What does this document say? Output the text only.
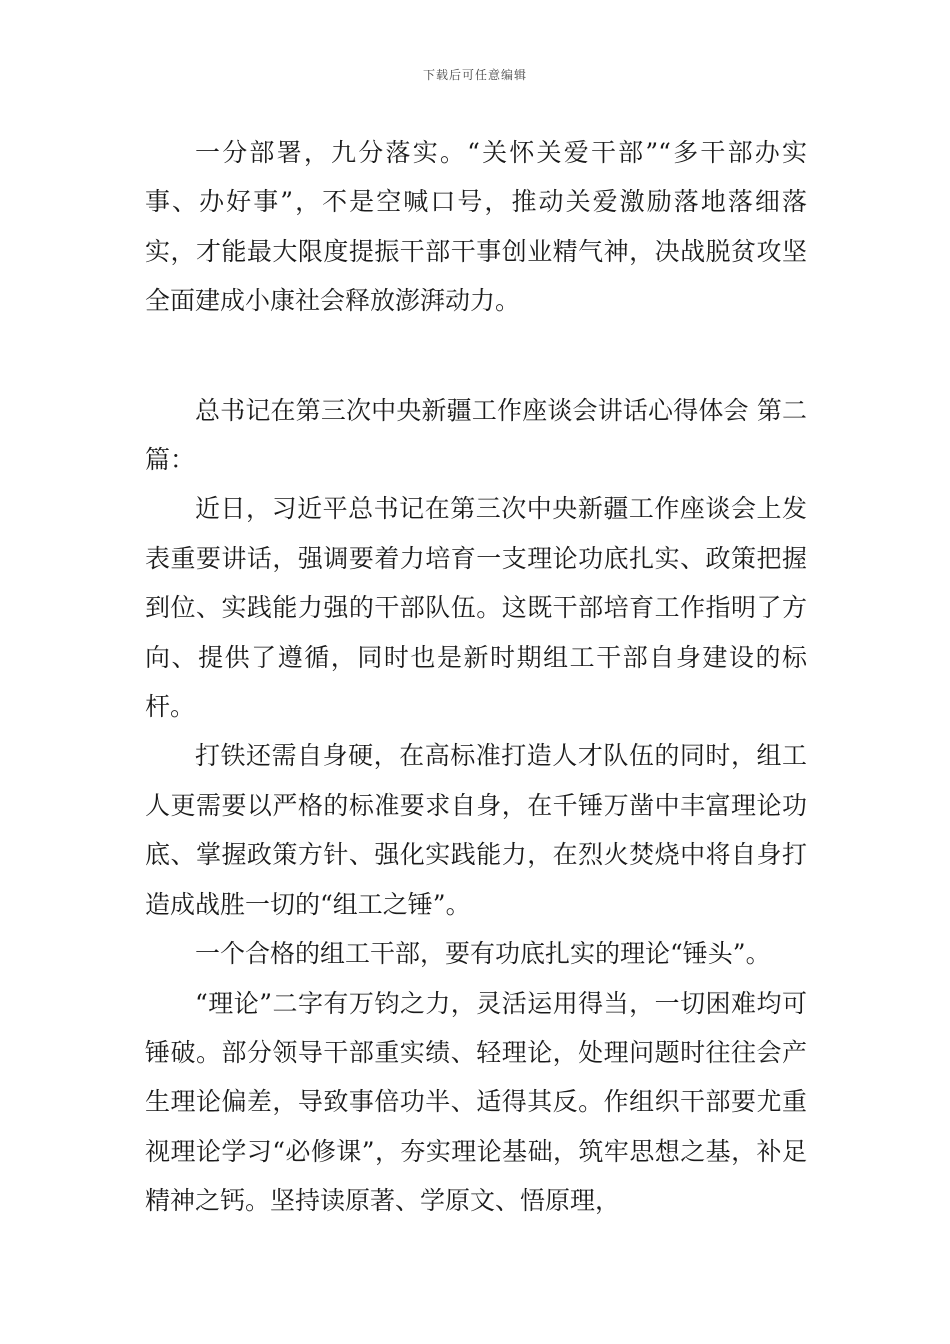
下载后可任意编辑

一分部署，九分落实。“关怀关爱干部”“多干部办实事、办好事”，不是空喊口号，推动关爱激励落地落细落实，才能最大限度提振干部干事创业精气神，决战脱贫攻坚全面建成小康社会释放澎湃动力。

总书记在第三次中央新疆工作座谈会讲话心得体会 第二篇：

近日，习近平总书记在第三次中央新疆工作座谈会上发表重要讲话，强调要着力培育一支理论功底扎实、政策把握到位、实践能力强的干部队伍。这既干部培育工作指明了方向、提供了遵循，同时也是新时期组工干部自身建设的标杆。

打铁还需自身硬，在高标准打造人才队伍的同时，组工人更需要以严格的标准要求自身，在千锤万凿中丰富理论功底、掌握政策方针、强化实践能力，在烈火焚烧中将自身打造成战胜一切的“组工之锤”。

一个合格的组工干部，要有功底扎实的理论“锤头”。

“理论”二字有万钧之力，灵活运用得当，一切困难均可锤破。部分领导干部重实绩、轻理论，处理问题时往往会产生理论偏差，导致事倍功半、适得其反。作组织干部要尤重视理论学习“必修课”，夯实理论基础，筑牢思想之基，补足精神之钙。坚持读原著、学原文、悟原理，
